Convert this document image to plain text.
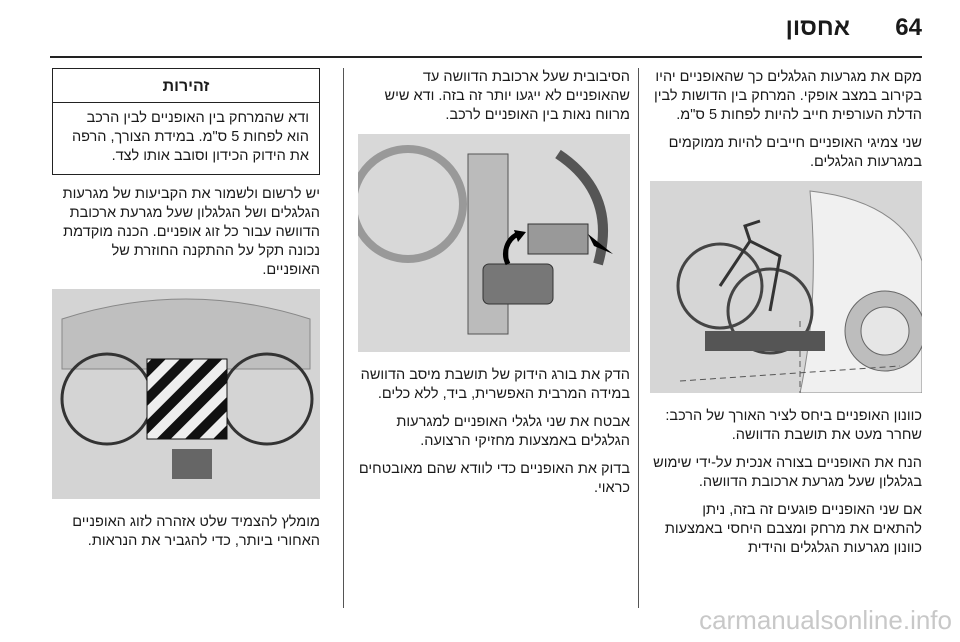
64
אחסון

מקם את מגרעות הגלגלים כך שהאופניים יהיו בקירוב במצב אופקי. המרחק בין הדושות לבין הדלת העורפית חייב להיות לפחות 5 ס"מ.

שני צמיגי האופניים חייבים להיות ממוקמים במגרעות הגלגלים.

כוונון האופניים ביחס לציר האורך של הרכב: שחרר מעט את תושבת הדוושה.

הנח את האופניים בצורה אנכית על-ידי שימוש בגלגלון שעל מגרעת ארכובת הדוושה.

אם שני האופניים פוגעים זה בזה, ניתן להתאים את מרחק ומצבם היחסי באמצעות כוונון מגרעות הגלגלים והידית

הסיבובית שעל ארכובת הדוושה עד שהאופניים לא ייגעו יותר זה בזה. ודא שיש מרווח נאות בין האופניים לרכב.

הדק את בורג הידוק של תושבת מיסב הדוושה במידה המרבית האפשרית, ביד, ללא כלים.

אבטח את שני גלגלי האופניים למגרעות הגלגלים באמצעות מחזיקי הרצועה.

בדוק את האופניים כדי לוודא שהם מאובטחים כראוי.

זהירות
ודא שהמרחק בין האופניים לבין הרכב הוא לפחות 5 ס"מ. במידת הצורך, הרפה את הידוק הכידון וסובב אותו לצד.

יש לרשום ולשמור את הקביעות של מגרעות הגלגלים ושל הגלגלון שעל מגרעת ארכובת הדוושה עבור כל זוג אופניים. הכנה מוקדמת נכונה תקל על ההתקנה החוזרת של האופניים.

מומלץ להצמיד שלט אזהרה לזוג האופניים האחורי ביותר, כדי להגביר את הנראות.

carmanualsonline.info
